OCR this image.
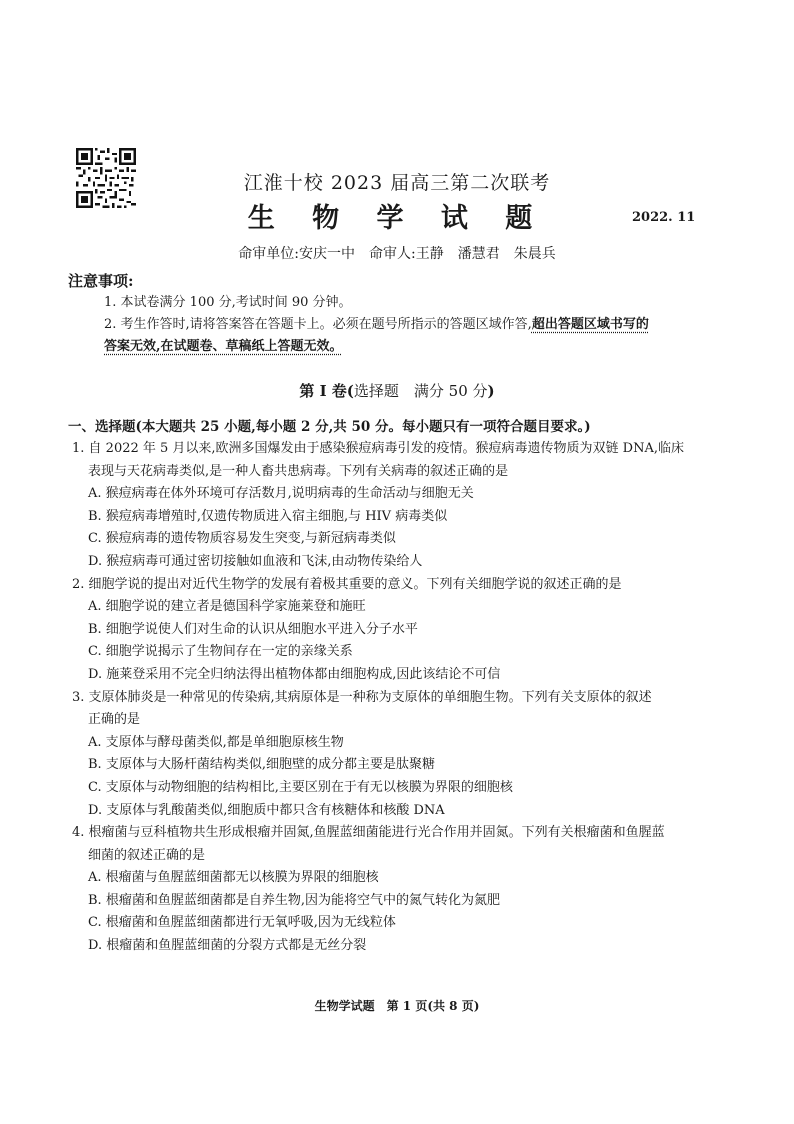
江淮十校 2023 届高三第二次联考
生 物 学 试 题	2022. 11
命审单位:安庆一中　命审人:王静　潘慧君　朱晨兵
注意事项:

1. 本试卷满分 100 分,考试时间 90 分钟。

2. 考生作答时,请将答案答在答题卡上。必须在题号所指示的答题区域作答,超出答题区域书写的

答案无效,在试题卷、草稿纸上答题无效。

第 I 卷(选择题　满分 50 分)
一、选择题(本大题共 25 小题,每小题 2 分,共 50 分。每小题只有一项符合题目要求。)

1. 自 2022 年 5 月以来,欧洲多国爆发由于感染猴痘病毒引发的疫情。猴痘病毒遗传物质为双链 DNA,临床

表现与天花病毒类似,是一种人畜共患病毒。下列有关病毒的叙述正确的是

A. 猴痘病毒在体外环境可存活数月,说明病毒的生命活动与细胞无关

B. 猴痘病毒增殖时,仅遗传物质进入宿主细胞,与 HIV 病毒类似

C. 猴痘病毒的遗传物质容易发生突变,与新冠病毒类似

D. 猴痘病毒可通过密切接触如血液和飞沫,由动物传染给人

2. 细胞学说的提出对近代生物学的发展有着极其重要的意义。下列有关细胞学说的叙述正确的是

A. 细胞学说的建立者是德国科学家施莱登和施旺

B. 细胞学说使人们对生命的认识从细胞水平进入分子水平

C. 细胞学说揭示了生物间存在一定的亲缘关系

D. 施莱登采用不完全归纳法得出植物体都由细胞构成,因此该结论不可信

3. 支原体肺炎是一种常见的传染病,其病原体是一种称为支原体的单细胞生物。下列有关支原体的叙述

正确的是

A. 支原体与酵母菌类似,都是单细胞原核生物

B. 支原体与大肠杆菌结构类似,细胞壁的成分都主要是肽聚糖

C. 支原体与动物细胞的结构相比,主要区别在于有无以核膜为界限的细胞核

D. 支原体与乳酸菌类似,细胞质中都只含有核糖体和核酸 DNA

4. 根瘤菌与豆科植物共生形成根瘤并固氮,鱼腥蓝细菌能进行光合作用并固氮。下列有关根瘤菌和鱼腥蓝

细菌的叙述正确的是

A. 根瘤菌与鱼腥蓝细菌都无以核膜为界限的细胞核

B. 根瘤菌和鱼腥蓝细菌都是自养生物,因为能将空气中的氮气转化为氮肥

C. 根瘤菌和鱼腥蓝细菌都进行无氧呼吸,因为无线粒体

D. 根瘤菌和鱼腥蓝细菌的分裂方式都是无丝分裂

生物学试题　第 1 页(共 8 页)
